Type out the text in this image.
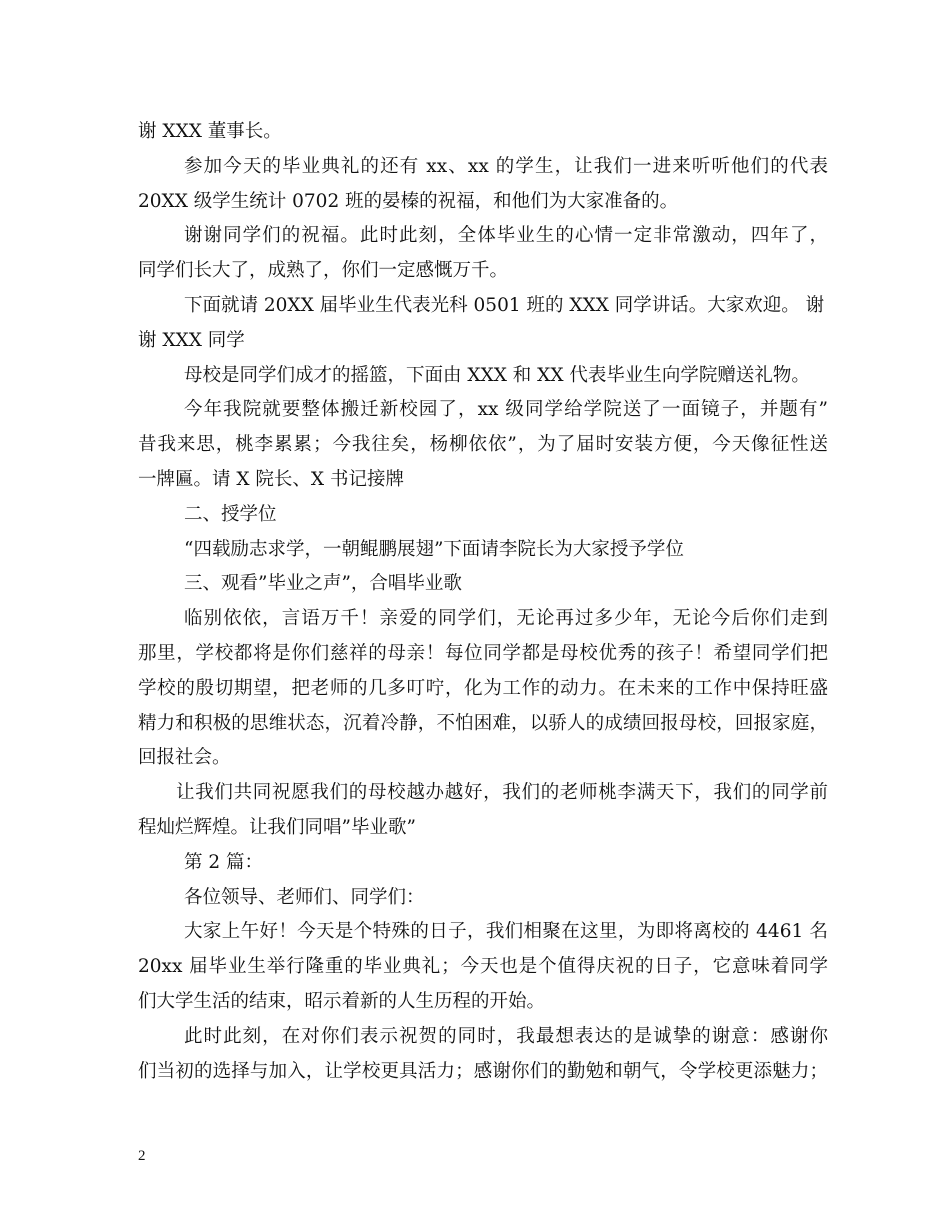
谢 XXX 董事长。
参加今天的毕业典礼的还有 xx、xx 的学生，让我们一进来听听他们的代表
20XX 级学生统计 0702 班的晏榛的祝福，和他们为大家准备的。
谢谢同学们的祝福。此时此刻，全体毕业生的心情一定非常激动，四年了，
同学们长大了，成熟了，你们一定感慨万千。
下面就请 20XX 届毕业生代表光科 0501 班的 XXX 同学讲话。大家欢迎。 谢
谢 XXX 同学
母校是同学们成才的摇篮，下面由 XXX 和 XX 代表毕业生向学院赠送礼物。
今年我院就要整体搬迁新校园了，xx 级同学给学院送了一面镜子，并题有”
昔我来思，桃李累累；今我往矣，杨柳依依”，为了届时安装方便，今天像征性送
一牌匾。请 X 院长、X 书记接牌
二、授学位
“四载励志求学，一朝鲲鹏展翅”下面请李院长为大家授予学位
三、观看”毕业之声”，合唱毕业歌
临别依依，言语万千！亲爱的同学们，无论再过多少年，无论今后你们走到
那里，学校都将是你们慈祥的母亲！每位同学都是母校优秀的孩子！希望同学们把
学校的殷切期望，把老师的几多叮咛，化为工作的动力。在未来的工作中保持旺盛
精力和积极的思维状态，沉着冷静，不怕困难，以骄人的成绩回报母校，回报家庭，
回报社会。
让我们共同祝愿我们的母校越办越好，我们的老师桃李满天下，我们的同学前
程灿烂辉煌。让我们同唱”毕业歌”
第 2 篇：
各位领导、老师们、同学们：
大家上午好！今天是个特殊的日子，我们相聚在这里，为即将离校的 4461 名
20xx 届毕业生举行隆重的毕业典礼；今天也是个值得庆祝的日子，它意味着同学
们大学生活的结束，昭示着新的人生历程的开始。
此时此刻，在对你们表示祝贺的同时，我最想表达的是诚挚的谢意：感谢你
们当初的选择与加入，让学校更具活力；感谢你们的勤勉和朝气，令学校更添魅力；
2
